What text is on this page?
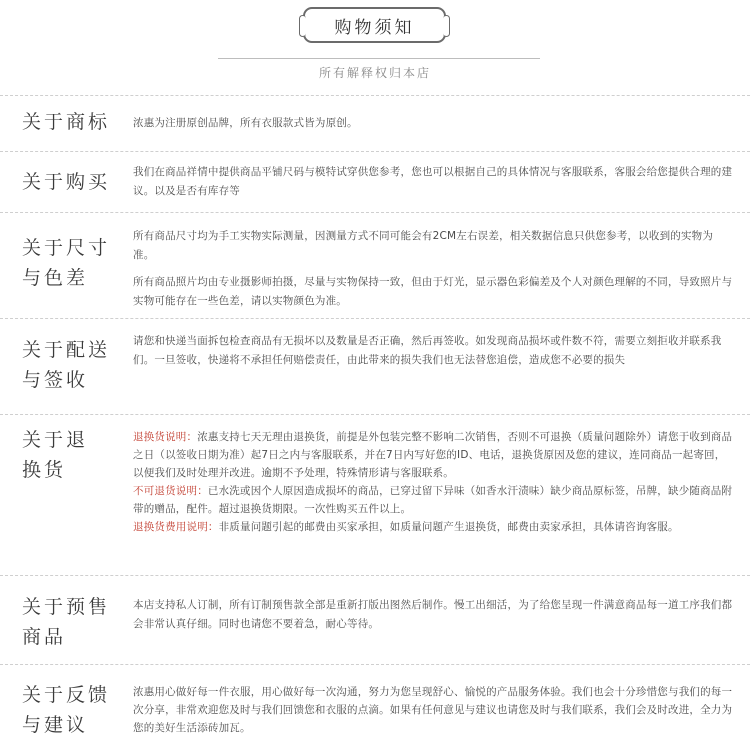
购物须知
所有解释权归本店
关于商标	浓惠为注册原创品牌，所有衣服款式皆为原创。

关于购买	我们在商品祥情中提供商品平铺尺码与模特试穿供您参考，您也可以根据自己的具体情况与客服联系，客服会给您提供合理的建议。以及是否有库存等

关于尺寸
与色差

所有商品尺寸均为手工实物实际测量，因测量方式不同可能会有2CM左右误差，相关数据信息只供您参考，以收到的实物为准。

所有商品照片均由专业摄影师拍摄，尽量与实物保持一致，但由于灯光，显示器色彩偏差及个人对颜色理解的不同，导致照片与实物可能存在一些色差，请以实物颜色为准。

关于配送
与签收

请您和快递当面拆包检查商品有无损坏以及数量是否正确，然后再签收。如发现商品损坏或件数不符，需要立刻拒收并联系我们。一旦签收，快递将不承担任何赔偿责任，由此带来的损失我们也无法替您追偿，造成您不必要的损失

关于退
换货

退换货说明：浓惠支持七天无理由退换货，前提是外包装完整不影响二次销售，否则不可退换（质量问题除外）请您于收到商品之日（以签收日期为准）起7日之内与客服联系，并在7日内写好您的ID、电话，退换货原因及您的建议，连同商品一起寄回，以便我们及时处理并改进。逾期不予处理，特殊情形请与客服联系。

不可退货说明：已水洗或因个人原因造成损坏的商品，已穿过留下异味（如香水汗渍味）缺少商品原标签，吊牌，缺少随商品附带的赠品，配件。超过退换货期限。一次性购买五件以上。

退换货费用说明：非质量问题引起的邮费由买家承担，如质量问题产生退换货，邮费由卖家承担，具体请咨询客服。

关于预售
商品

本店支持私人订制，所有订制预售款全部是重新打版出图然后制作。慢工出细活，为了给您呈现一件满意商品每一道工序我们都会非常认真仔细。同时也请您不要着急，耐心等待。

关于反馈
与建议

浓惠用心做好每一件衣服，用心做好每一次沟通，努力为您呈现舒心、愉悦的产品服务体验。我们也会十分珍惜您与我们的每一次分享，非常欢迎您及时与我们回馈您和衣服的点滴。如果有任何意见与建议也请您及时与我们联系，我们会及时改进，全力为您的美好生活添砖加瓦。
